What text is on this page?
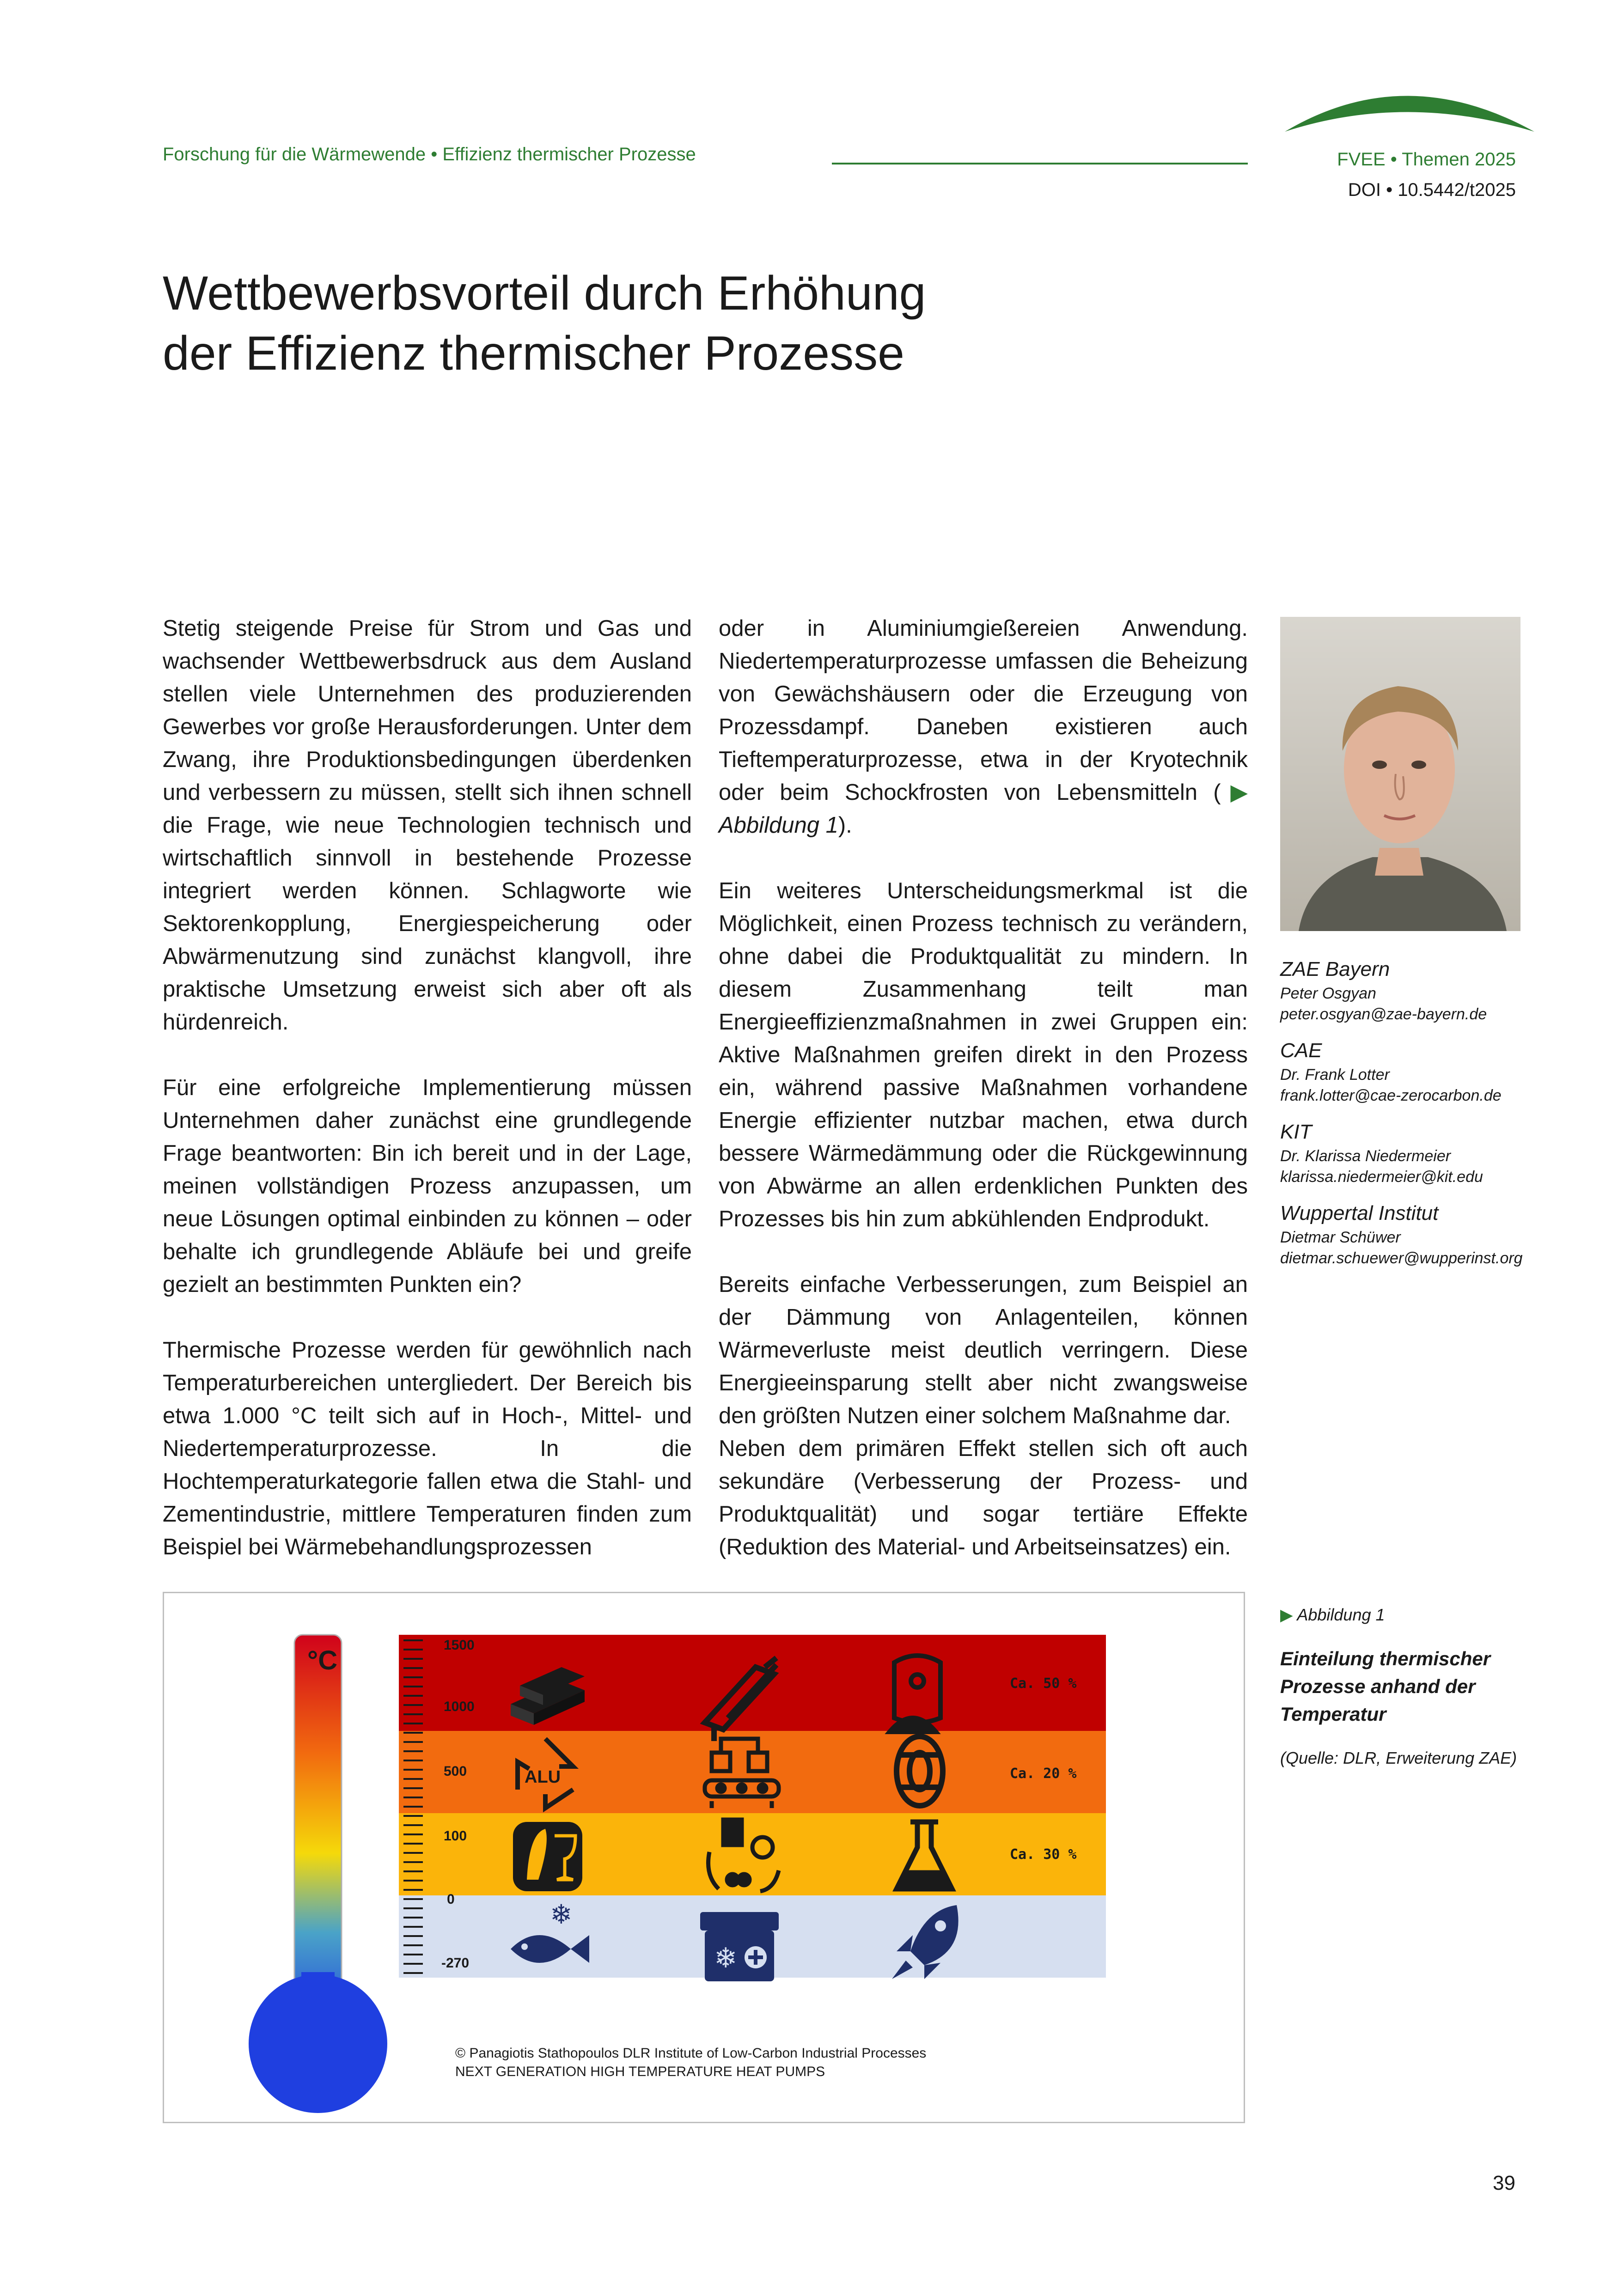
Forschung für die Wärmewende • Effizienz thermischer Prozesse	FVEE • Themen 2025
DOI • 10.5442/t2025
Wettbewerbsvorteil durch Erhöhung
der Effizienz thermischer Prozesse

Stetig steigende Preise für Strom und Gas und wachsender Wettbewerbsdruck aus dem Ausland stellen viele Unternehmen des produzierenden Gewerbes vor große Herausforderungen. Unter dem Zwang, ihre Produktionsbedingungen überdenken und verbessern zu müssen, stellt sich ihnen schnell die Frage, wie neue Technologien technisch und wirtschaftlich sinnvoll in bestehende Prozesse integriert werden können. Schlagworte wie Sektorenkopplung, Energiespeicherung oder Abwärmenutzung sind zunächst klangvoll, ihre praktische Umsetzung erweist sich aber oft als hürdenreich.

Für eine erfolgreiche Implementierung müssen Unternehmen daher zunächst eine grundlegende Frage beantworten: Bin ich bereit und in der Lage, meinen vollständigen Prozess anzupassen, um neue Lösungen optimal einbinden zu können – oder behalte ich grundlegende Abläufe bei und greife gezielt an bestimmten Punkten ein?

Thermische Prozesse werden für gewöhnlich nach Temperaturbereichen untergliedert. Der Bereich bis etwa 1.000 °C teilt sich auf in Hoch-, Mittel- und Niedertemperaturprozesse. In die Hochtemperaturkategorie fallen etwa die Stahl- und Zementindustrie, mittlere Temperaturen finden zum Beispiel bei Wärmebehandlungsprozessen

oder in Aluminiumgießereien Anwendung. Niedertemperaturprozesse umfassen die Beheizung von Gewächshäusern oder die Erzeugung von Prozessdampf. Daneben existieren auch Tieftemperaturprozesse, etwa in der Kryotechnik oder beim Schockfrosten von Lebensmitteln (▶ Abbildung 1).

Ein weiteres Unterscheidungsmerkmal ist die Möglichkeit, einen Prozess technisch zu verändern, ohne dabei die Produktqualität zu mindern. In diesem Zusammenhang teilt man Energieeffizienzmaßnahmen in zwei Gruppen ein: Aktive Maßnahmen greifen direkt in den Prozess ein, während passive Maßnahmen vorhandene Energie effizienter nutzbar machen, etwa durch bessere Wärmedämmung oder die Rückgewinnung von Abwärme an allen erdenklichen Punkten des Prozesses bis hin zum abkühlenden Endprodukt.

Bereits einfache Verbesserungen, zum Beispiel an der Dämmung von Anlagenteilen, können Wärmeverluste meist deutlich verringern. Diese Energieeinsparung stellt aber nicht zwangsweise den größten Nutzen einer solchem Maßnahme dar.

Neben dem primären Effekt stellen sich oft auch sekundäre (Verbesserung der Prozess- und Produktqualität) und sogar tertiäre Effekte (Reduktion des Material- und Arbeitseinsatzes) ein.

ZAE Bayern
Peter Osgyan
peter.osgyan@zae-bayern.de
CAE
Dr. Frank Lotter
frank.lotter@cae-zerocarbon.de
KIT
Dr. Klarissa Niedermeier
klarissa.niedermeier@kit.edu
Wuppertal Institut
Dietmar Schüwer
dietmar.schuewer@wupperinst.org
°C
1500
1000
500
100
0
-270
Ca. 50 %
Ca. 20 %
Ca. 30 %
ALU
❄
❄
© Panagiotis Stathopoulos DLR Institute of Low-Carbon Industrial Processes
NEXT GENERATION HIGH TEMPERATURE HEAT PUMPS
▶ Abbildung 1
Einteilung thermischer Prozesse anhand der Temperatur
(Quelle: DLR, Erweiterung ZAE)
39
